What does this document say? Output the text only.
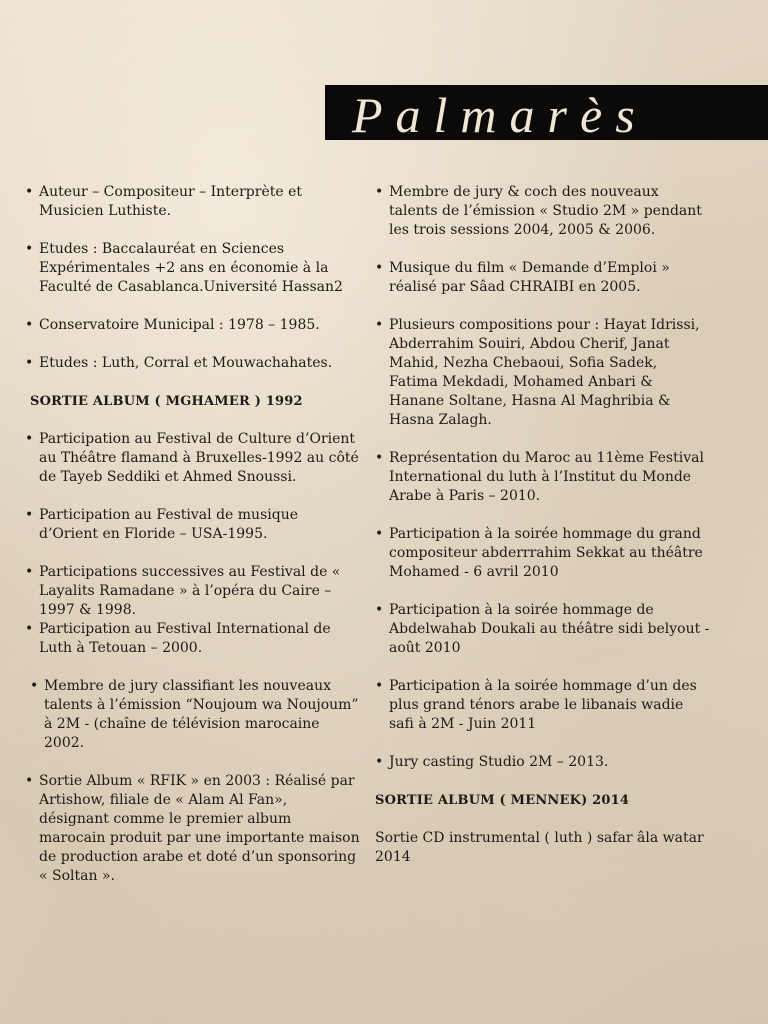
Palmarès
• Auteur – Compositeur – Interprète et Musicien Luthiste.
• Etudes : Baccalauréat en Sciences Expérimentales +2 ans en économie à la Faculté de Casablanca.Université Hassan2
• Conservatoire Municipal : 1978 – 1985.
• Etudes : Luth, Corral et Mouwachahates.
SORTIE ALBUM ( MGHAMER ) 1992
• Participation au Festival de Culture d’Orient au Théâtre flamand à Bruxelles-1992 au côté de Tayeb Seddiki et Ahmed Snoussi.
• Participation au Festival de musique d’Orient en Floride – USA-1995.
• Participations successives au Festival de « Layalits Ramadane » à l’opéra du Caire – 1997 & 1998.
• Participation au Festival International de Luth à Tetouan – 2000.
• Membre de jury classifiant les nouveaux talents à l’émission “Noujoum wa Noujoum” à 2M - (chaîne de télévision marocaine 2002.
• Sortie Album « RFIK » en 2003 : Réalisé par Artishow, filiale de « Alam Al Fan», désignant comme le premier album marocain produit par une importante maison de production arabe et doté d’un sponsoring « Soltan ».
• Membre de jury & coch des nouveaux talents de l’émission « Studio 2M » pendant les trois sessions 2004, 2005 & 2006.
• Musique du film « Demande d’Emploi » réalisé par Sâad CHRAIBI en 2005.
• Plusieurs compositions pour : Hayat Idrissi, Abderrahim Souiri, Abdou Cherif, Janat Mahid, Nezha Chebaoui, Sofia Sadek, Fatima Mekdadi, Mohamed Anbari & Hanane Soltane, Hasna Al Maghribia & Hasna Zalagh.
• Représentation du Maroc au 11ème Festival International du luth à l’Institut du Monde Arabe à Paris – 2010.
• Participation à la soirée hommage du grand compositeur abderrrahim Sekkat au théâtre Mohamed - 6 avril 2010
• Participation à la soirée hommage de Abdelwahab Doukali au théâtre sidi belyout - août 2010
• Participation à la soirée hommage d’un des plus grand ténors arabe le libanais wadie safi à 2M - Juin 2011
• Jury casting Studio 2M – 2013.
SORTIE ALBUM ( MENNEK) 2014
Sortie CD instrumental ( luth ) safar âla watar 2014
